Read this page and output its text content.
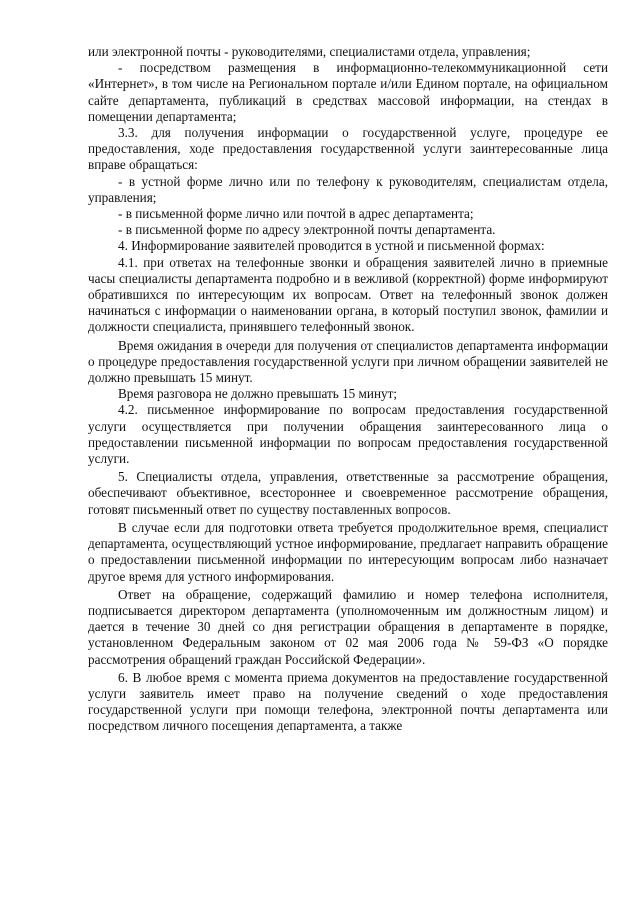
или электронной почты - руководителями, специалистами отдела, управления;

- посредством размещения в информационно-телекоммуникационной сети «Интернет», в том числе на Региональном портале и/или Едином портале, на официальном сайте департамента, публикаций в средствах массовой информации, на стендах в помещении департамента;

3.3. для получения информации о государственной услуге, процедуре ее предоставления, ходе предоставления государственной услуги заинтересованные лица вправе обращаться:

- в устной форме лично или по телефону к руководителям, специалистам отдела, управления;

- в письменной форме лично или почтой в адрес департамента;

- в письменной форме по адресу электронной почты департамента.

4. Информирование заявителей проводится в устной и письменной формах:

4.1. при ответах на телефонные звонки и обращения заявителей лично в приемные часы специалисты департамента подробно и в вежливой (корректной) форме информируют обратившихся по интересующим их вопросам. Ответ на телефонный звонок должен начинаться с информации о наименовании органа, в который поступил звонок, фамилии и должности специалиста, принявшего телефонный звонок.

Время ожидания в очереди для получения от специалистов департамента информации о процедуре предоставления государственной услуги при личном обращении заявителей не должно превышать 15 минут.

Время разговора не должно превышать 15 минут;

4.2. письменное информирование по вопросам предоставления государственной услуги осуществляется при получении обращения заинтересованного лица о предоставлении письменной информации по вопросам предоставления государственной услуги.

5. Специалисты отдела, управления, ответственные за рассмотрение обращения, обеспечивают объективное, всестороннее и своевременное рассмотрение обращения, готовят письменный ответ по существу поставленных вопросов.

В случае если для подготовки ответа требуется продолжительное время, специалист департамента, осуществляющий устное информирование, предлагает направить обращение о предоставлении письменной информации по интересующим вопросам либо назначает другое время для устного информирования.

Ответ на обращение, содержащий фамилию и номер телефона исполнителя, подписывается директором департамента (уполномоченным им должностным лицом) и дается в течение 30 дней со дня регистрации обращения в департаменте в порядке, установленном Федеральным законом от 02 мая 2006 года № 59-ФЗ «О порядке рассмотрения обращений граждан Российской Федерации».

6. В любое время с момента приема документов на предоставление государственной услуги заявитель имеет право на получение сведений о ходе предоставления государственной услуги при помощи телефона, электронной почты департамента или посредством личного посещения департамента, а также
